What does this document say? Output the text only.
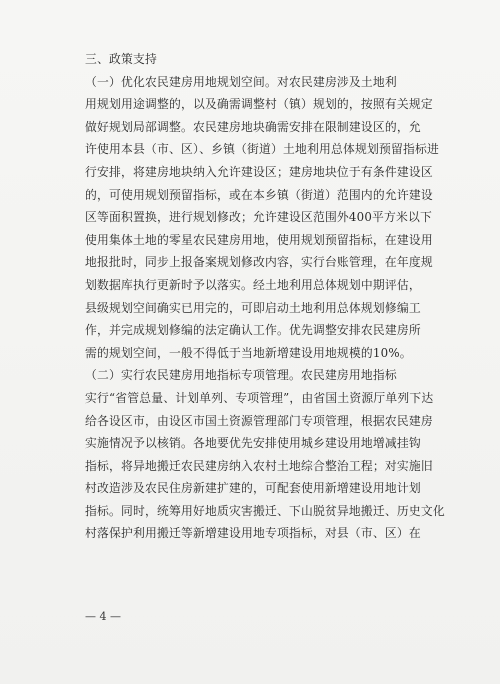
三、政策支持
（一）优化农民建房用地规划空间。对农民建房涉及土地利
用规划用途调整的，以及确需调整村（镇）规划的，按照有关规定
做好规划局部调整。农民建房地块确需安排在限制建设区的，允
许使用本县（市、区）、乡镇（街道）土地利用总体规划预留指标进
行安排，将建房地块纳入允许建设区；建房地块位于有条件建设区
的，可使用规划预留指标，或在本乡镇（街道）范围内的允许建设
区等面积置换，进行规划修改；允许建设区范围外400平方米以下
使用集体土地的零星农民建房用地，使用规划预留指标，在建设用
地报批时，同步上报备案规划修改内容，实行台账管理，在年度规
划数据库执行更新时予以落实。经土地利用总体规划中期评估，
县级规划空间确实已用完的，可即启动土地利用总体规划修编工
作，并完成规划修编的法定确认工作。优先调整安排农民建房所
需的规划空间，一般不得低于当地新增建设用地规模的10%。
（二）实行农民建房用地指标专项管理。农民建房用地指标
实行“省管总量、计划单列、专项管理”，由省国土资源厅单列下达
给各设区市，由设区市国土资源管理部门专项管理，根据农民建房
实施情况予以核销。各地要优先安排使用城乡建设用地增减挂钩
指标，将异地搬迁农民建房纳入农村土地综合整治工程；对实施旧
村改造涉及农民住房新建扩建的，可配套使用新增建设用地计划
指标。同时，统筹用好地质灾害搬迁、下山脱贫异地搬迁、历史文化
村落保护利用搬迁等新增建设用地专项指标，对县（市、区）在
— 4 —
